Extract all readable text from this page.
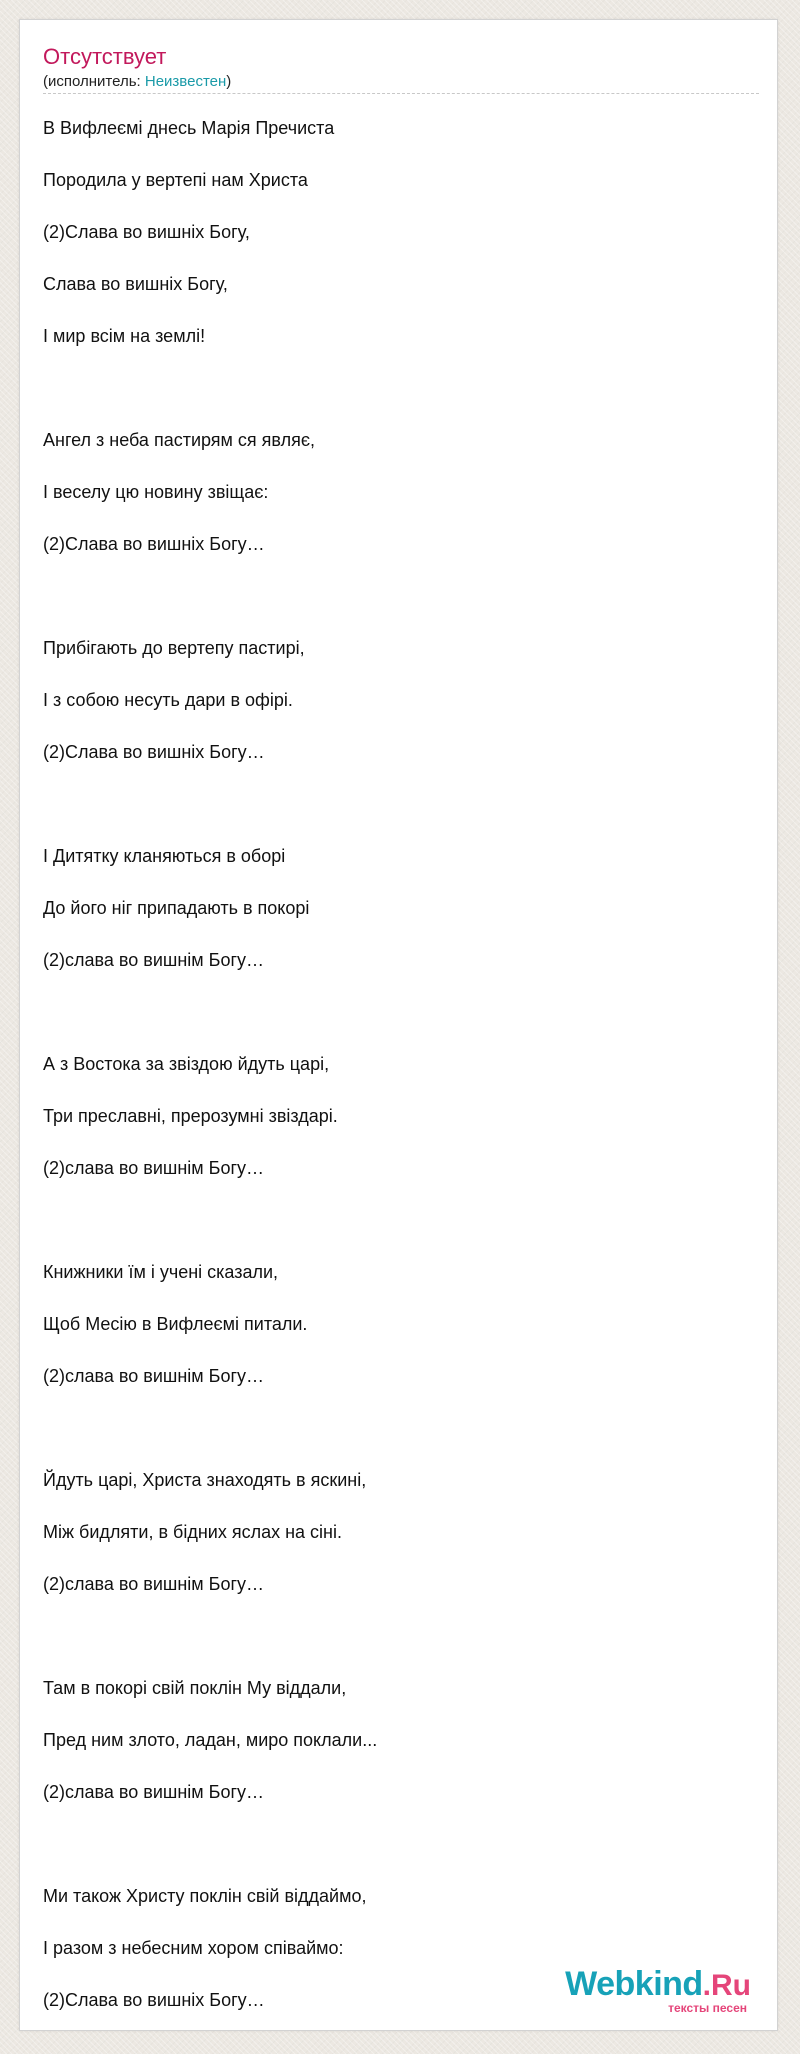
Отсутствует
(исполнитель: Неизвестен)

В Вифлеємі днесь Марія Пречиста

Породила у вертепі нам Христа

(2)Слава во вишніх Богу,

Слава во вишніх Богу,

І мир всім на землі!

Ангел з неба пастирям ся являє,

І веселу цю новину звіщає:

(2)Слава во вишніх Богу…

Прибігають до вертепу пастирі,

І з собою несуть дари в офірі.

(2)Слава во вишніх Богу…

І Дитятку кланяються в оборі

До його ніг припадають в покорі

(2)слава во вишнім Богу…

А з Востока за звіздою йдуть царі,

Три преславні, прерозумні звіздарі.

(2)слава во вишнім Богу…

Книжники їм і учені сказали,

Щоб Месію в Вифлеємі питали.

(2)слава во вишнім Богу…

Йдуть царі, Христа знаходять в яскині,

Між бидляти, в бідних яслах на сіні.

(2)слава во вишнім Богу…

Там в покорі свій поклін Му віддали,

Пред ним злото, ладан, миро поклали...

(2)слава во вишнім Богу…

Ми також Христу поклін свій віддаймо,

І разом з небесним хором співаймо:

(2)Слава во вишніх Богу…	Webkind.Ru
тексты песен
